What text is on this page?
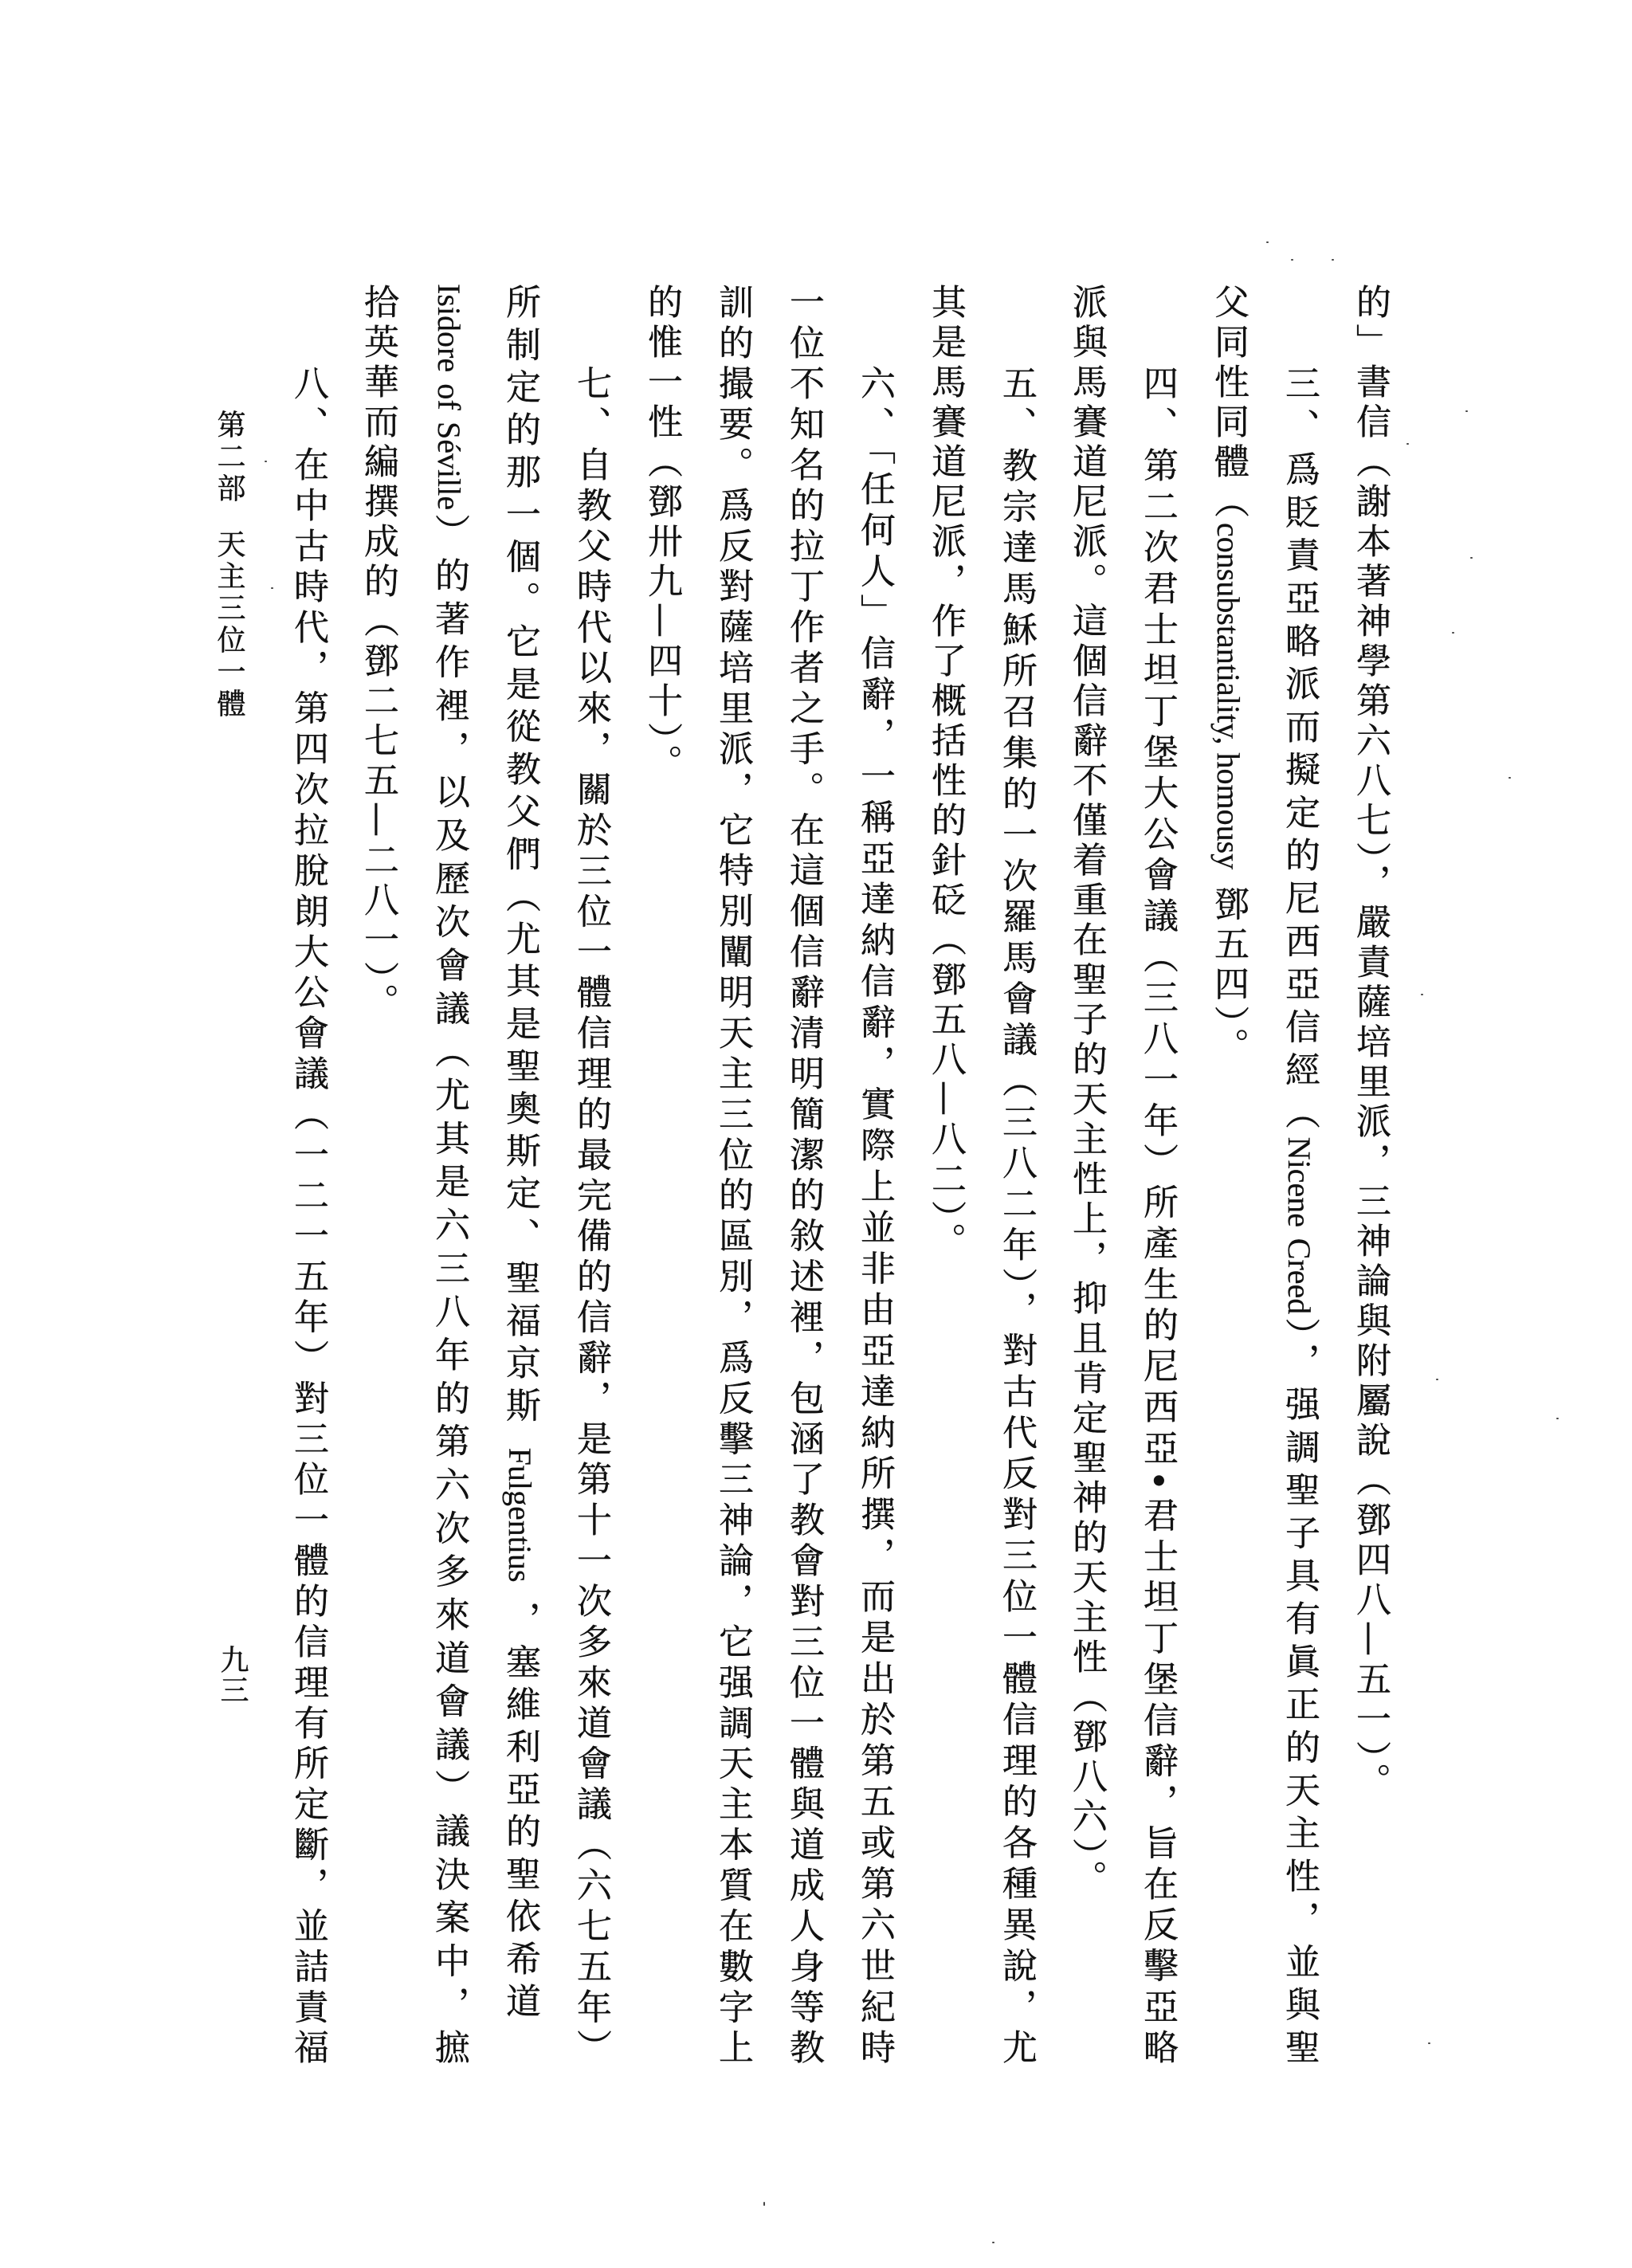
的」書信（謝本著神學第六八七），嚴責薩培里派，三神論與附屬說（鄧四八—五一）。
三、爲貶責亞略派而擬定的尼西亞信經（Nicene Creed），强調聖子具有眞正的天主性，並與聖
父同性同體（consubstantiality, homousy 鄧五四）。
四、第二次君士坦丁堡大公會議（三八一年）所產生的尼西亞•君士坦丁堡信辭，旨在反擊亞略
派與馬賽道尼派。這個信辭不僅着重在聖子的天主性上，抑且肯定聖神的天主性（鄧八六）。
五、教宗達馬穌所召集的一次羅馬會議（三八二年），對古代反對三位一體信理的各種異說，尤
其是馬賽道尼派，作了概括性的針砭（鄧五八—八二）。
六、「任何人」信辭，一稱亞達納信辭，實際上並非由亞達納所撰，而是出於第五或第六世紀時
一位不知名的拉丁作者之手。在這個信辭清明簡潔的敘述裡，包涵了教會對三位一體與道成人身等教
訓的撮要。爲反對薩培里派，它特別闡明天主三位的區別，爲反擊三神論，它强調天主本質在數字上
的惟一性（鄧卅九—四十）。
七、自教父時代以來，關於三位一體信理的最完備的信辭，是第十一次多來道會議（六七五年）
所制定的那一個。它是從教父們（尤其是聖奧斯定、聖福京斯 Fulgentius ，塞維利亞的聖依希道
Isidore of Séville）的著作裡，以及歷次會議（尤其是六三八年的第六次多來道會議）議決案中，摭
拾英華而編撰成的（鄧二七五—二八一）。
八、在中古時代，第四次拉脫朗大公會議（一二一五年）對三位一體的信理有所定斷，並詰責福
第二部
天主三位一體
九三
